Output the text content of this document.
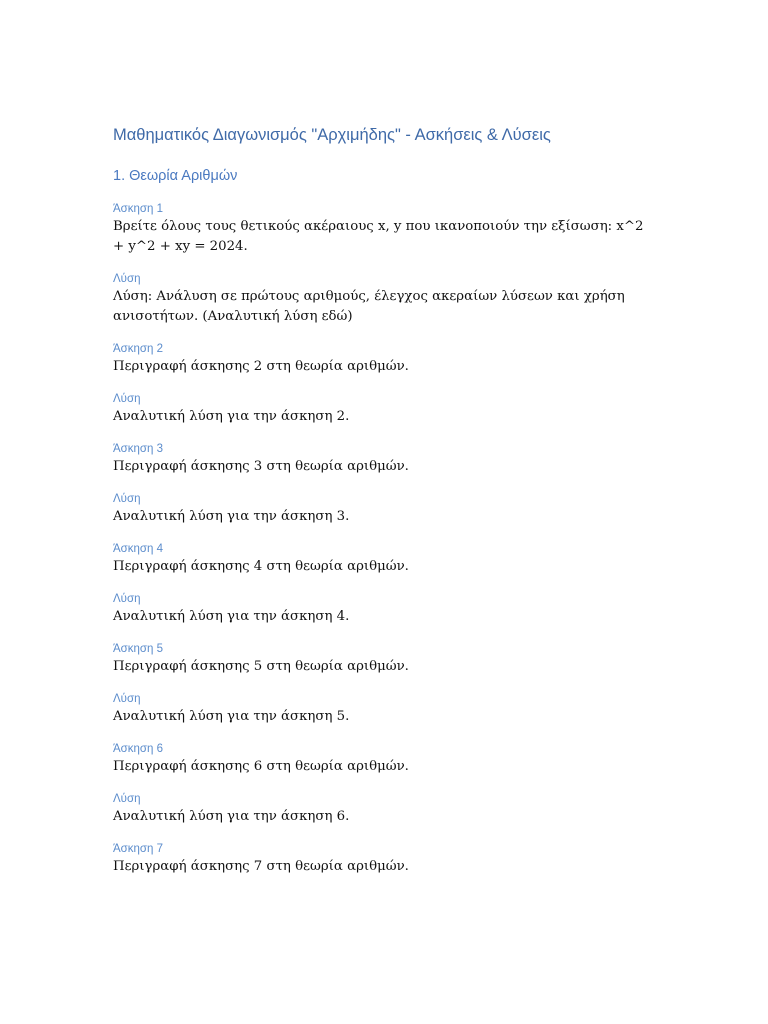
Μαθηματικός Διαγωνισμός "Αρχιμήδης" - Ασκήσεις & Λύσεις
1. Θεωρία Αριθμών

Άσκηση 1

Βρείτε όλους τους θετικούς ακέραιους x, y που ικανοποιούν την εξίσωση: x^2 + y^2 + xy = 2024.

Λύση

Λύση: Ανάλυση σε πρώτους αριθμούς, έλεγχος ακεραίων λύσεων και χρήση ανισοτήτων. (Αναλυτική λύση εδώ)

Άσκηση 2

Περιγραφή άσκησης 2 στη θεωρία αριθμών.

Λύση

Αναλυτική λύση για την άσκηση 2.

Άσκηση 3

Περιγραφή άσκησης 3 στη θεωρία αριθμών.

Λύση

Αναλυτική λύση για την άσκηση 3.

Άσκηση 4

Περιγραφή άσκησης 4 στη θεωρία αριθμών.

Λύση

Αναλυτική λύση για την άσκηση 4.

Άσκηση 5

Περιγραφή άσκησης 5 στη θεωρία αριθμών.

Λύση

Αναλυτική λύση για την άσκηση 5.

Άσκηση 6

Περιγραφή άσκησης 6 στη θεωρία αριθμών.

Λύση

Αναλυτική λύση για την άσκηση 6.

Άσκηση 7

Περιγραφή άσκησης 7 στη θεωρία αριθμών.
